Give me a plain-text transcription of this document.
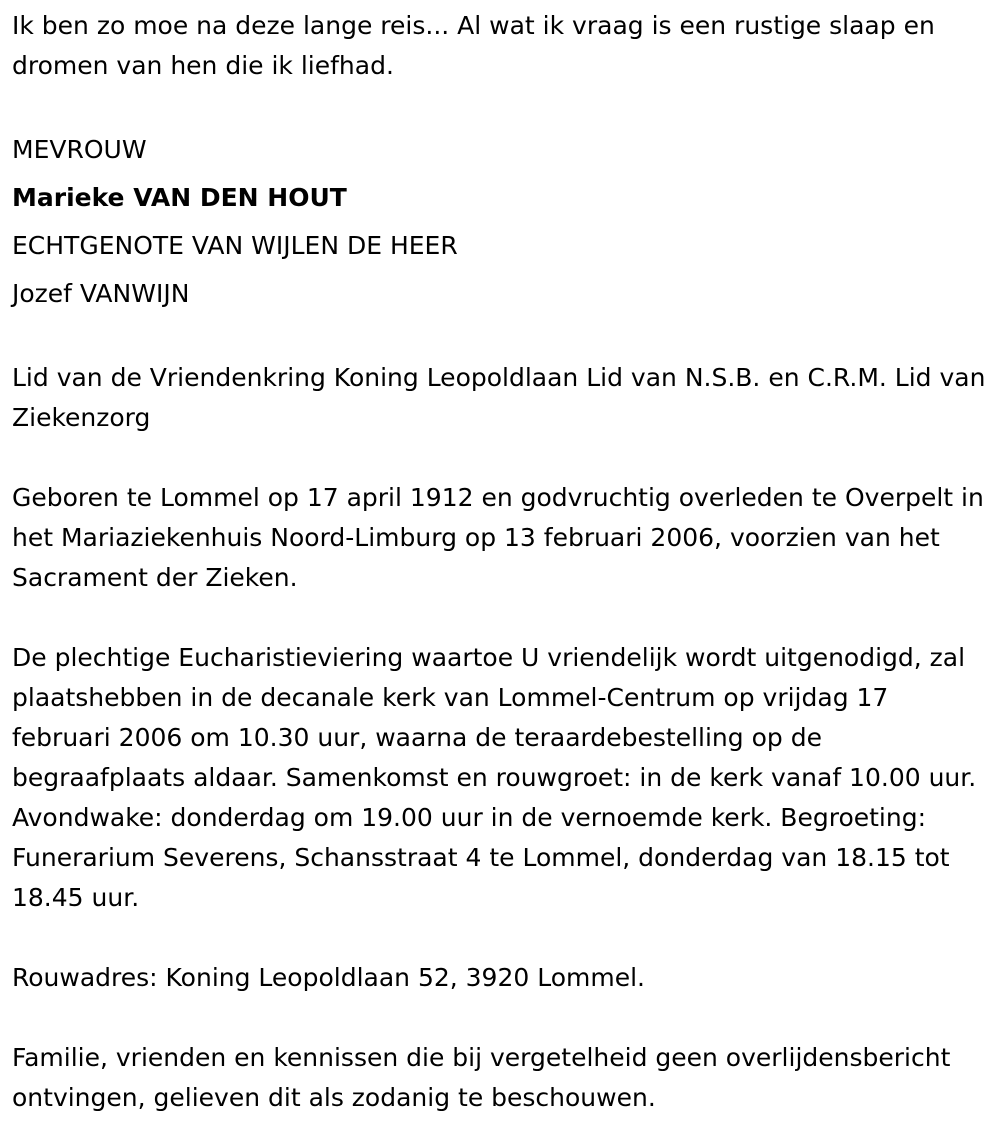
Ik ben zo moe na deze lange reis... Al wat ik vraag is een rustige slaap en dromen van hen die ik liefhad.

MEVROUW

Marieke VAN DEN HOUT

ECHTGENOTE VAN WIJLEN DE HEER

Jozef VANWIJN

Lid van de Vriendenkring Koning Leopoldlaan Lid van N.S.B. en C.R.M. Lid van Ziekenzorg

Geboren te Lommel op 17 april 1912 en godvruchtig overleden te Overpelt in het Mariaziekenhuis Noord-Limburg op 13 februari 2006, voorzien van het Sacrament der Zieken.

De plechtige Eucharistieviering waartoe U vriendelijk wordt uitgenodigd, zal plaatshebben in de decanale kerk van Lommel-Centrum op vrijdag 17 februari 2006 om 10.30 uur, waarna de teraardebestelling op de begraafplaats aldaar. Samenkomst en rouwgroet: in de kerk vanaf 10.00 uur. Avondwake: donderdag om 19.00 uur in de vernoemde kerk. Begroeting: Funerarium Severens, Schansstraat 4 te Lommel, donderdag van 18.15 tot 18.45 uur.

Rouwadres: Koning Leopoldlaan 52, 3920 Lommel.

Familie, vrienden en kennissen die bij vergetelheid geen overlijdensbericht ontvingen, gelieven dit als zodanig te beschouwen.
